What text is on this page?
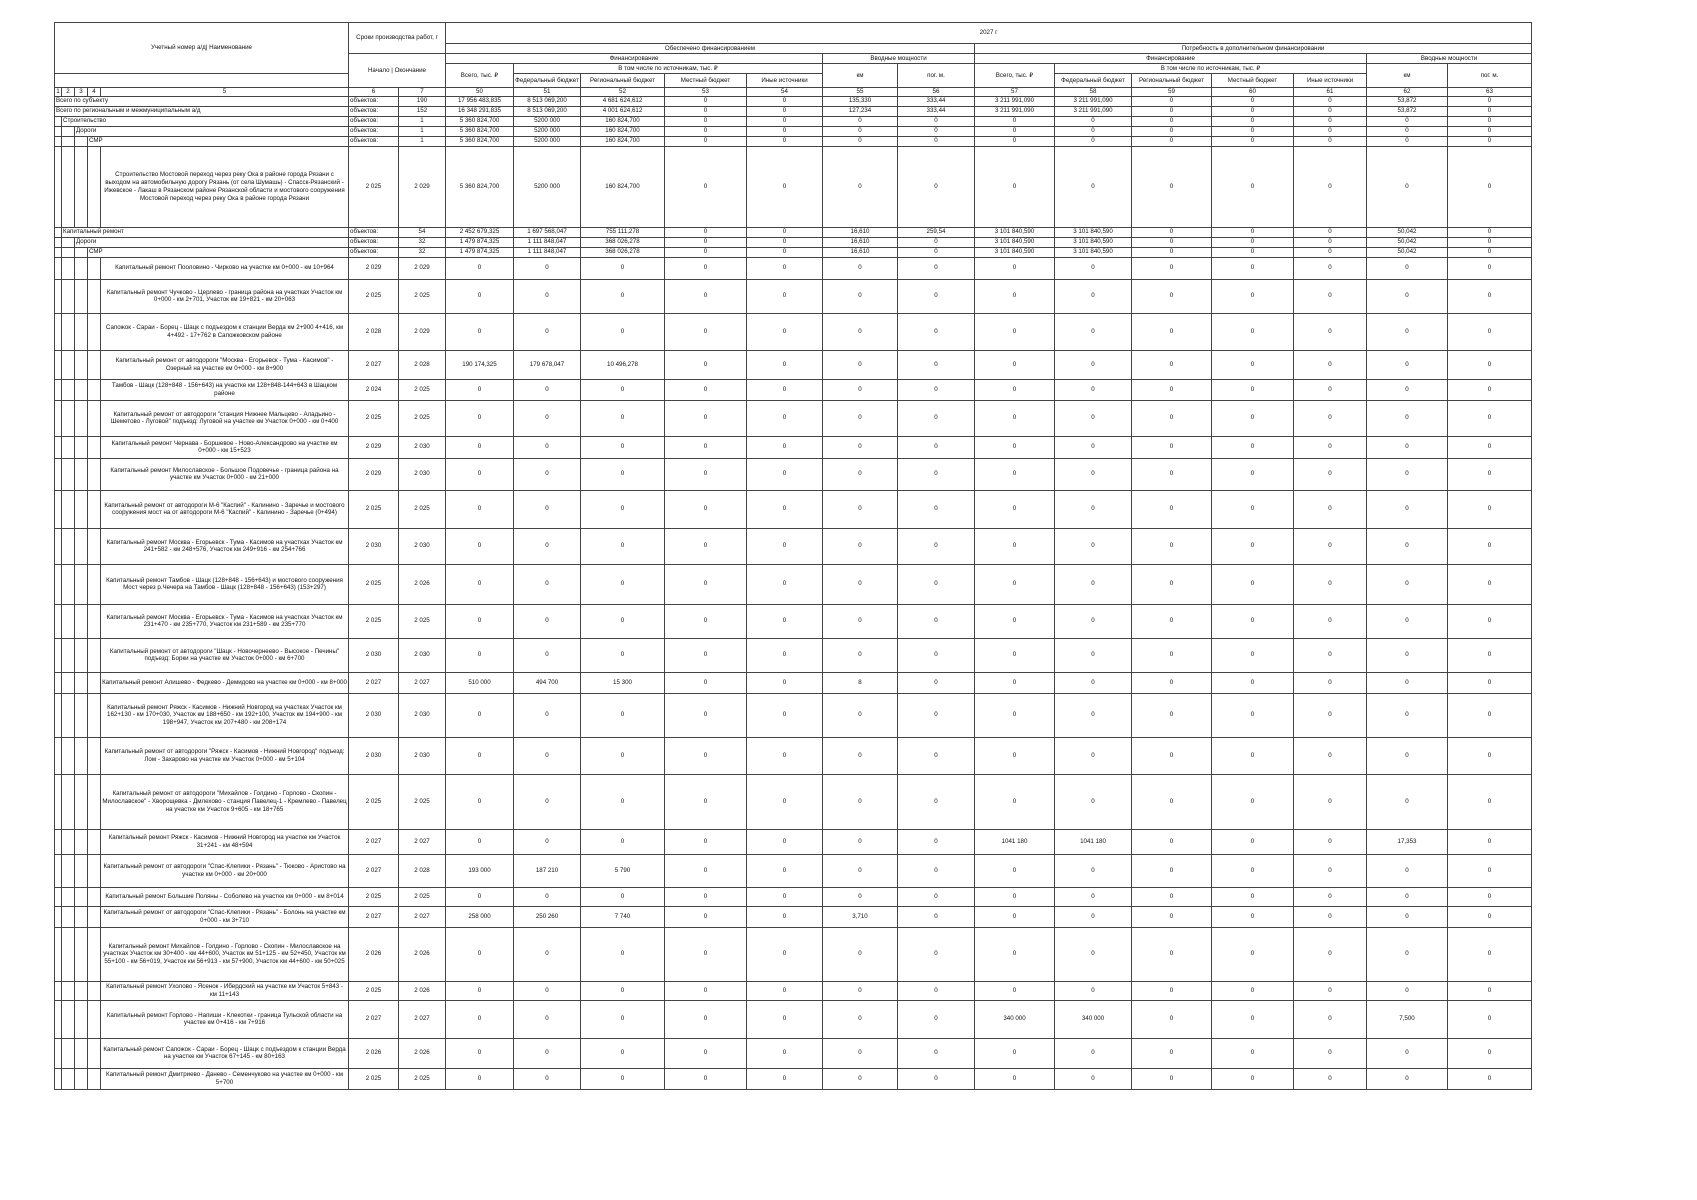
Учетный номер а/д| Наименование					Сроки производства работ, г		2027 г													
							Обеспечено финансированием							Потребность в дополнительном финансировании						
					Начало | Окончание		Финансирование					Вводные мощности		Финансирование					Вводные мощности	
							Всего, тыс. ₽	В том числе по источникам, тыс. ₽				км	пог. м.	Всего, тыс. ₽	В том числе по источникам, тыс. ₽				км	пог. м.
								Федеральный бюджет	Региональный бюджет	Местный бюджет	Иные источники				Федеральный бюджет	Региональный бюджет	Местный бюджет	Иные источники		
1	2	3	4	5	6	7	50	51	52	53	54	55	56	57	58	59	60	61	62	63
Всего по субъекту					объектов:	190	17 956 483,835	8 513 069,200	4 681 624,612	0	0	135,330	333,44	3 211 991,090	3 211 991,090	0	0	0	53,872	0
Всего по региональным и межмуниципальным а/д					объектов:	152	16 348 291,835	8 513 069,200	4 001 624,612	0	0	127,234	333,44	3 211 991,090	3 211 991,090	0	0	0	53,872	0
	Строительство				объектов:	1	5 360 824,700	5200 000	160 824,700	0	0	0	0	0	0	0	0	0	0	0
		Дороги			объектов:	1	5 360 824,700	5200 000	160 824,700	0	0	0	0	0	0	0	0	0	0	0
			СМР		объектов:	1	5 360 824,700	5200 000	160 824,700	0	0	0	0	0	0	0	0	0	0	0
				Строительство Мостовой переход через реку Ока в районе города Рязани с выходом на автомобильную дорогу Рязань (от села Шумашь) - Спасск-Рязанский - Ижевское - Лакаш в Рязанском районе Рязанской области и мостового сооружения Мостовой переход через реку Ока в районе города Рязани	2 025	2 029	5 360 824,700	5200 000	160 824,700	0	0	0	0	0	0	0	0	0	0	0
	Капитальный ремонт				объектов:	54	2 452 679,325	1 697 568,047	755 111,278	0	0	16,610	259,54	3 101 840,590	3 101 840,590	0	0	0	50,042	0
		Дороги			объектов:	32	1 479 874,325	1 111 848,047	368 026,278	0	0	16,610	0	3 101 840,590	3 101 840,590	0	0	0	50,042	0
			СМР		объектов:	32	1 479 874,325	1 111 848,047	368 026,278	0	0	16,610	0	3 101 840,590	3 101 840,590	0	0	0	50,042	0
				Капитальный ремонт Пооловино - Чирково на участке км 0+000 - км 10+964	2 029	2 029	0	0	0	0	0	0	0	0	0	0	0	0	0	0
				Капитальный ремонт Чучково - Церлево - граница района на участках Участок км 0+000 - км 2+701, Участок км 19+821 - км 20+063	2 025	2 025	0	0	0	0	0	0	0	0	0	0	0	0	0	0
				Сапожок - Сараи - Борец - Шацк с подъездом к станции Верда км 2+900 4+416, км 4+492 - 17+762 в Сапожковском районе	2 028	2 029	0	0	0	0	0	0	0	0	0	0	0	0	0	0
				Капитальный ремонт от автодороги "Москва - Егорьевск - Тума - Касимов" - Озерный на участке км 0+000 - км 8+900	2 027	2 028	190 174,325	179 678,047	10 496,278	0	0	0	0	0	0	0	0	0	0	0
				Тамбов - Шацк (128+848 - 156+643) на участке км 128+848-144+643 в Шацком районе	2 024	2 025	0	0	0	0	0	0	0	0	0	0	0	0	0	0
				Капитальный ремонт от автодороги "станция Нижнее Мальцево - Аладьино - Шеметово - Луговой" подъезд: Луговой на участке км Участок 0+000 - км 0+400	2 025	2 025	0	0	0	0	0	0	0	0	0	0	0	0	0	0
				Капитальный ремонт Чернава - Боршевое - Ново-Александрово на участке км 0+000 - км 15+523	2 029	2 030	0	0	0	0	0	0	0	0	0	0	0	0	0	0
				Капитальный ремонт Милославское - Большое Подовечье - граница района на участке км Участок 0+000 - км 21+000	2 029	2 030	0	0	0	0	0	0	0	0	0	0	0	0	0	0
				Капитальный ремонт от автодороги М-6 "Каспий" - Калинино - Заречье и мостового сооружения мост на от автодороги М-6 "Каспий" - Калинино - Заречье (0+494)	2 025	2 025	0	0	0	0	0	0	0	0	0	0	0	0	0	0
				Капитальный ремонт Москва - Егорьевск - Тума - Касимов на участках Участок км 241+582 - км 248+576, Участок км 249+916 - км 254+766	2 030	2 030	0	0	0	0	0	0	0	0	0	0	0	0	0	0
				Капитальный ремонт Тамбов - Шацк (128+848 - 156+643) и мостового сооружения Мост через р.Чечера на Тамбов - Шацк (128+848 - 156+643) (153+297)	2 025	2 026	0	0	0	0	0	0	0	0	0	0	0	0	0	0
				Капитальный ремонт Москва - Егорьевск - Тума - Касимов на участках Участок км 231+470 - км 235+770, Участок км 231+589 - км 235+770	2 025	2 025	0	0	0	0	0	0	0	0	0	0	0	0	0	0
				Капитальный ремонт от автодороги "Шацк - Новочернеево - Высокое - Печины" подъезд: Борки на участке км Участок 0+000 - км 6+700	2 030	2 030	0	0	0	0	0	0	0	0	0	0	0	0	0	0
				Капитальный ремонт Алишево - Федкево - Демидово на участке км 0+000 - км 8+000	2 027	2 027	510 000	494 700	15 300	0	0	8	0	0	0	0	0	0	0	0
				Капитальный ремонт Ряжск - Касимов - Нижний Новгород на участках Участок км 162+130 - км 170+030, Участок км 188+650 - км 192+100, Участок км 194+900 - км 198+947, Участок км 207+480 - км 208+174	2 030	2 030	0	0	0	0	0	0	0	0	0	0	0	0	0	0
				Капитальный ремонт от автодороги "Ряжск - Касимов - Нижний Новгород" подъезд: Лом - Захарово на участке км Участок 0+000 - км 5+104	2 030	2 030	0	0	0	0	0	0	0	0	0	0	0	0	0	0
				Капитальный ремонт от автодороги "Михайлов - Голдино - Горлово - Скопин - Милославское" - Хворощевка - Дмлехово - станция Павелец-1 - Кремлево - Павелец на участке км Участок 9+605 - км 18+765	2 025	2 025	0	0	0	0	0	0	0	0	0	0	0	0	0	0
				Капитальный ремонт Ряжск - Касимов - Нижний Новгород на участке км Участок 31+241 - км 48+594	2 027	2 027	0	0	0	0	0	0	0	1041 180	1041 180	0	0	0	17,353	0
				Капитальный ремонт от автодороги "Спас-Клепики - Рязань" - Тюково - Аристово на участке км 0+000 - км 20+000	2 027	2 028	193 000	187 210	5 790	0	0	0	0	0	0	0	0	0	0	0
				Капитальный ремонт Большие Поляны - Соболево на участке км 0+000 - км 8+014	2 025	2 025	0	0	0	0	0	0	0	0	0	0	0	0	0	0
				Капитальный ремонт от автодороги "Спас-Клепики - Рязань" - Болонь на участке км 0+000 - км 3+710	2 027	2 027	258 000	250 260	7 740	0	0	3,710	0	0	0	0	0	0	0	0
				Капитальный ремонт Михайлов - Голдино - Горлово - Скопин - Милославское на участках Участок км 30+400 - км 44+600, Участок км 51+125 - км 52+450, Участок км 55+100 - км 56+019, Участок км 56+913 - км 57+900, Участок км 44+600 - км 50+025	2 026	2 026	0	0	0	0	0	0	0	0	0	0	0	0	0	0
				Капитальный ремонт Ухолово - Ясенок - Ибердский на участке км Участок 5+843 - км 11+143	2 025	2 026	0	0	0	0	0	0	0	0	0	0	0	0	0	0
				Капитальный ремонт Горлово - Напиши - Клекотки - граница Тульской области на участке км 0+416 - км 7+916	2 027	2 027	0	0	0	0	0	0	0	340 000	340 000	0	0	0	7,500	0
				Капитальный ремонт Сапожок - Сараи - Борец - Шацк с подъездом к станции Верда на участке км Участок 67+145 - км 80+163	2 026	2 026	0	0	0	0	0	0	0	0	0	0	0	0	0	0
				Капитальный ремонт Дмитриево - Данево - Семенчуково на участке км 0+000 - км 5+700	2 025	2 025	0	0	0	0	0	0	0	0	0	0	0	0	0	0
